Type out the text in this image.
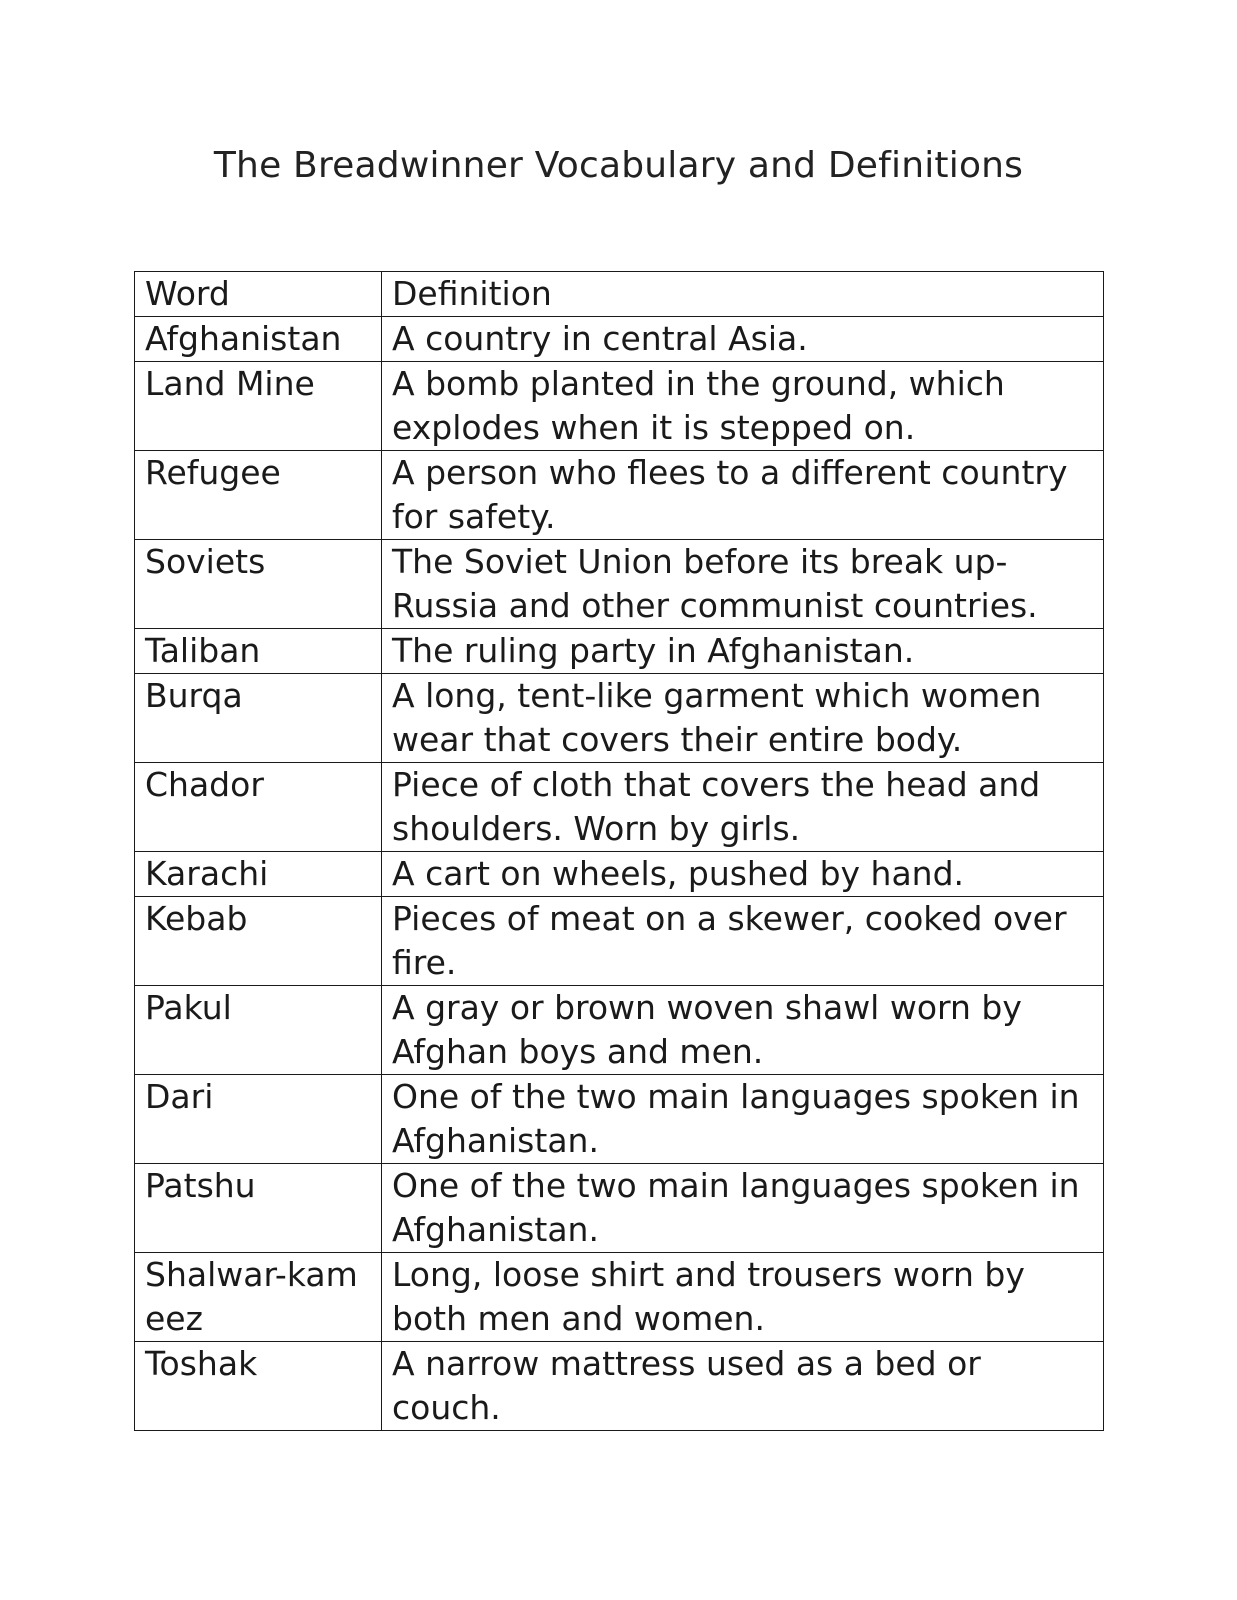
The Breadwinner Vocabulary and Definitions
Word	Definition
Afghanistan	A country in central Asia.
Land Mine	A bomb planted in the ground, which explodes when it is stepped on.
Refugee	A person who flees to a different country for safety.
Soviets	The Soviet Union before its break up- Russia and other communist countries.
Taliban	The ruling party in Afghanistan.
Burqa	A long, tent-like garment which women wear that covers their entire body.
Chador	Piece of cloth that covers the head and shoulders. Worn by girls.
Karachi	A cart on wheels, pushed by hand.
Kebab	Pieces of meat on a skewer, cooked over fire.
Pakul	A gray or brown woven shawl worn by Afghan boys and men.
Dari	One of the two main languages spoken in Afghanistan.
Patshu	One of the two main languages spoken in Afghanistan.
Shalwar-kameez	Long, loose shirt and trousers worn by both men and women.
Toshak	A narrow mattress used as a bed or couch.
